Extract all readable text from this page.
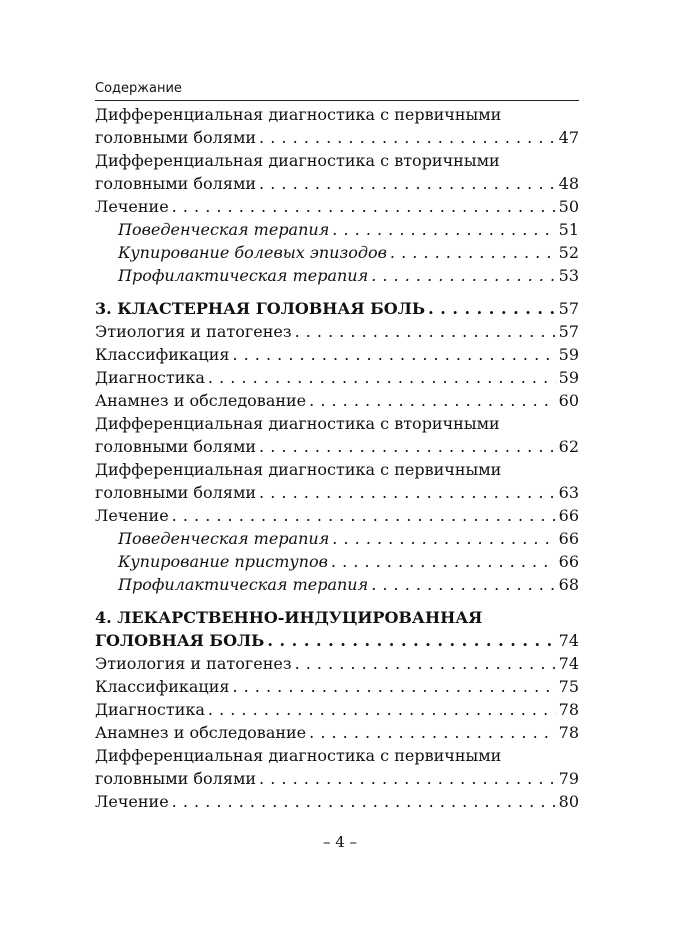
Содержание
Дифференциальная диагностика с первичными
головными болями . . .	47
Дифференциальная диагностика с вторичными
головными болями . . .	48
Лечение . . .	50
Поведенческая терапия . . .	51
Купирование болевых эпизодов . . .	52
Профилактическая терапия . . .	53
3. КЛАСТЕРНАЯ ГОЛОВНАЯ БОЛЬ . . .	57
Этиология и патогенез . . .	57
Классификация . . .	59
Диагностика . . .	59
Анамнез и обследование . . .	60
Дифференциальная диагностика с вторичными
головными болями . . .	62
Дифференциальная диагностика с первичными
головными болями . . .	63
Лечение . . .	66
Поведенческая терапия . . .	66
Купирование приступов . . .	66
Профилактическая терапия . . .	68
4. ЛЕКАРСТВЕННО-ИНДУЦИРОВАННАЯ
ГОЛОВНАЯ БОЛЬ . . .	74
Этиология и патогенез . . .	74
Классификация . . .	75
Диагностика . . .	78
Анамнез и обследование . . .	78
Дифференциальная диагностика с первичными
головными болями . . .	79
Лечение . . .	80
– 4 –
